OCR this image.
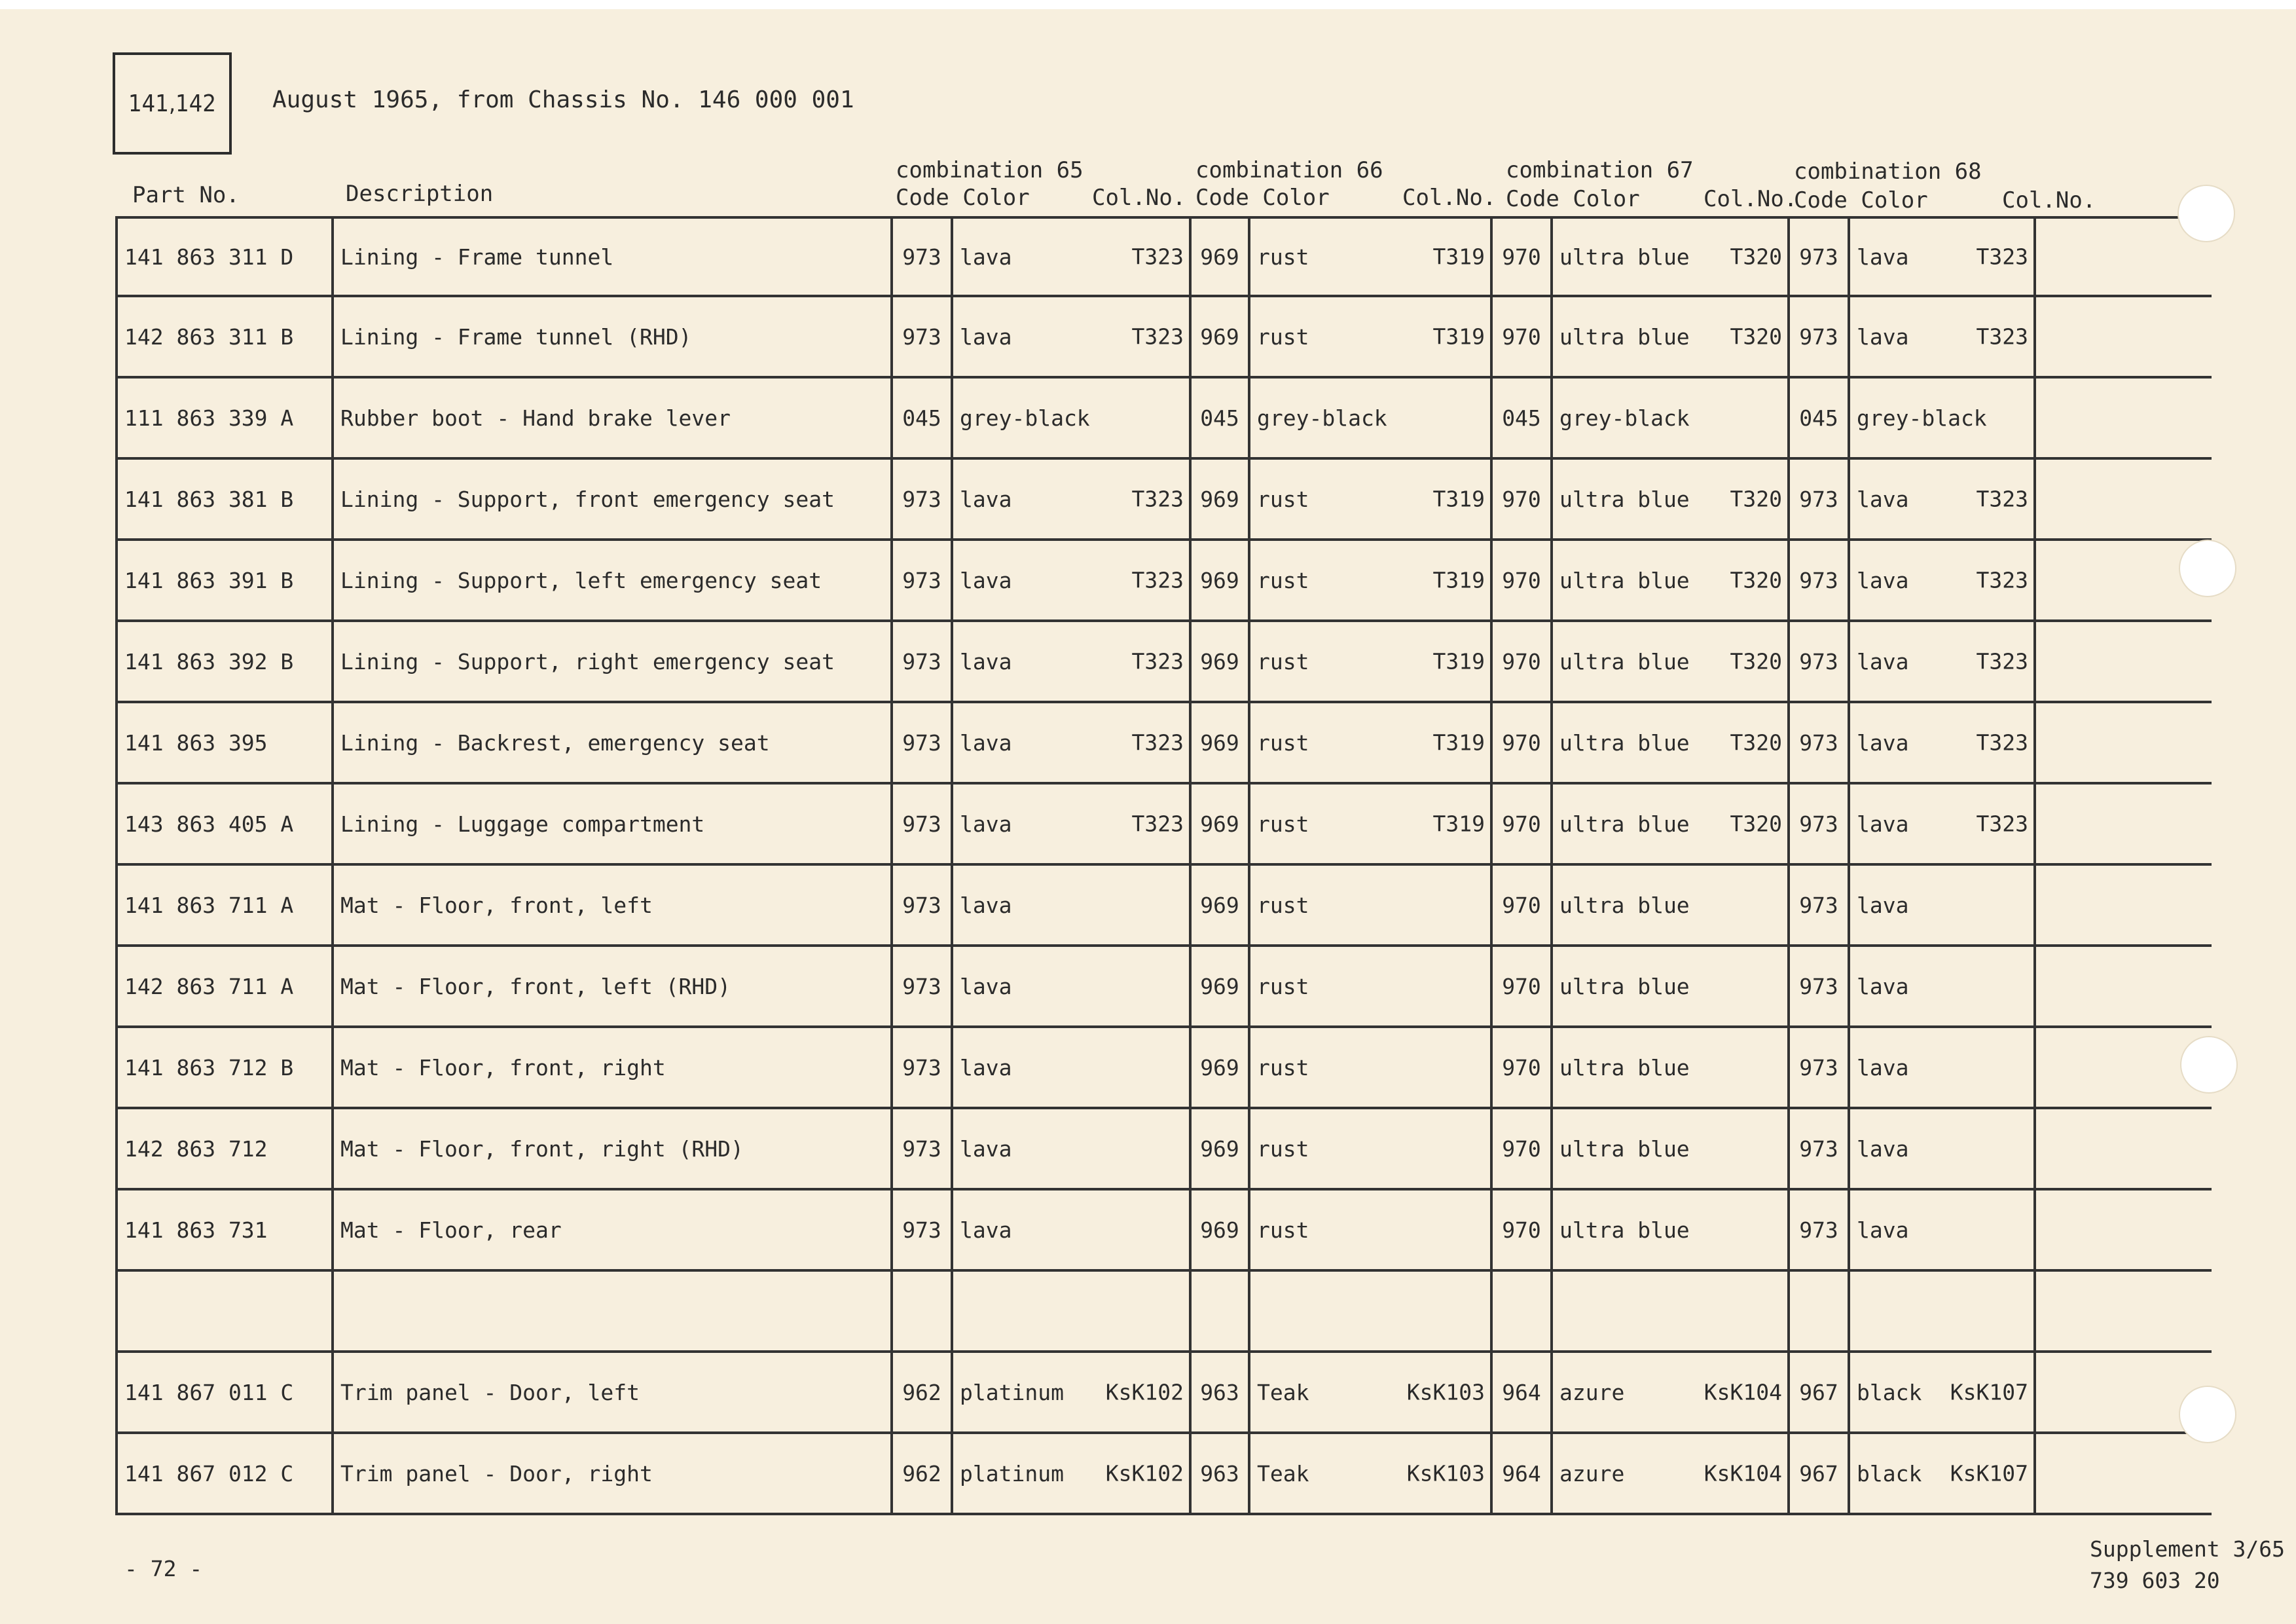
141,142 August 1965, from Chassis No. 146 000 001
Part No.	Description
combination 65
Code Color	Col.No.
combination 66
Code Color	Col.No.
combination 67
Code Color	Col.No.
combination 68
Code Color	Col.No.
141 863 311 D	Lining - Frame tunnel	973	lava T323	969	rust T319	970	ultra blue T320	973	lava T323	

142 863 311 B	Lining - Frame tunnel (RHD)	973	lava T323	969	rust T319	970	ultra blue T320	973	lava T323	

111 863 339 A	Rubber boot - Hand brake lever	045	grey-black	045	grey-black	045	grey-black	045	grey-black

141 863 381 B	Lining - Support, front emergency seat	973	lava T323	969	rust T319	970	ultra blue T320	973	lava T323	

141 863 391 B	Lining - Support, left emergency seat	973	lava T323	969	rust T319	970	ultra blue T320	973	lava T323	

141 863 392 B	Lining - Support, right emergency seat	973	lava T323	969	rust T319	970	ultra blue T320	973	lava T323	

141 863 395	Lining - Backrest, emergency seat	973	lava T323	969	rust T319	970	ultra blue T320	973	lava T323	

143 863 405 A	Lining - Luggage compartment	973	lava T323	969	rust T319	970	ultra blue T320	973	lava T323	

141 863 711 A	Mat - Floor, front, left	973	lava	969	rust	970	ultra blue	973	lava

142 863 711 A	Mat - Floor, front, left (RHD)	973	lava	969	rust	970	ultra blue	973	lava

141 863 712 B	Mat - Floor, front, right	973	lava	969	rust	970	ultra blue	973	lava

142 863 712	Mat - Floor, front, right (RHD)	973	lava	969	rust	970	ultra blue	973	lava

141 863 731	Mat - Floor, rear	973	lava	969	rust	970	ultra blue	973	lava

141 867 011 C	Trim panel - Door, left	962	platinum KsK102	963	Teak KsK103	964	azure KsK104	967	black KsK107	

141 867 012 C	Trim panel - Door, right	962	platinum KsK102	963	Teak KsK103	964	azure KsK104	967	black KsK107	

- 72 -
Supplement 3/65
739 603 20
